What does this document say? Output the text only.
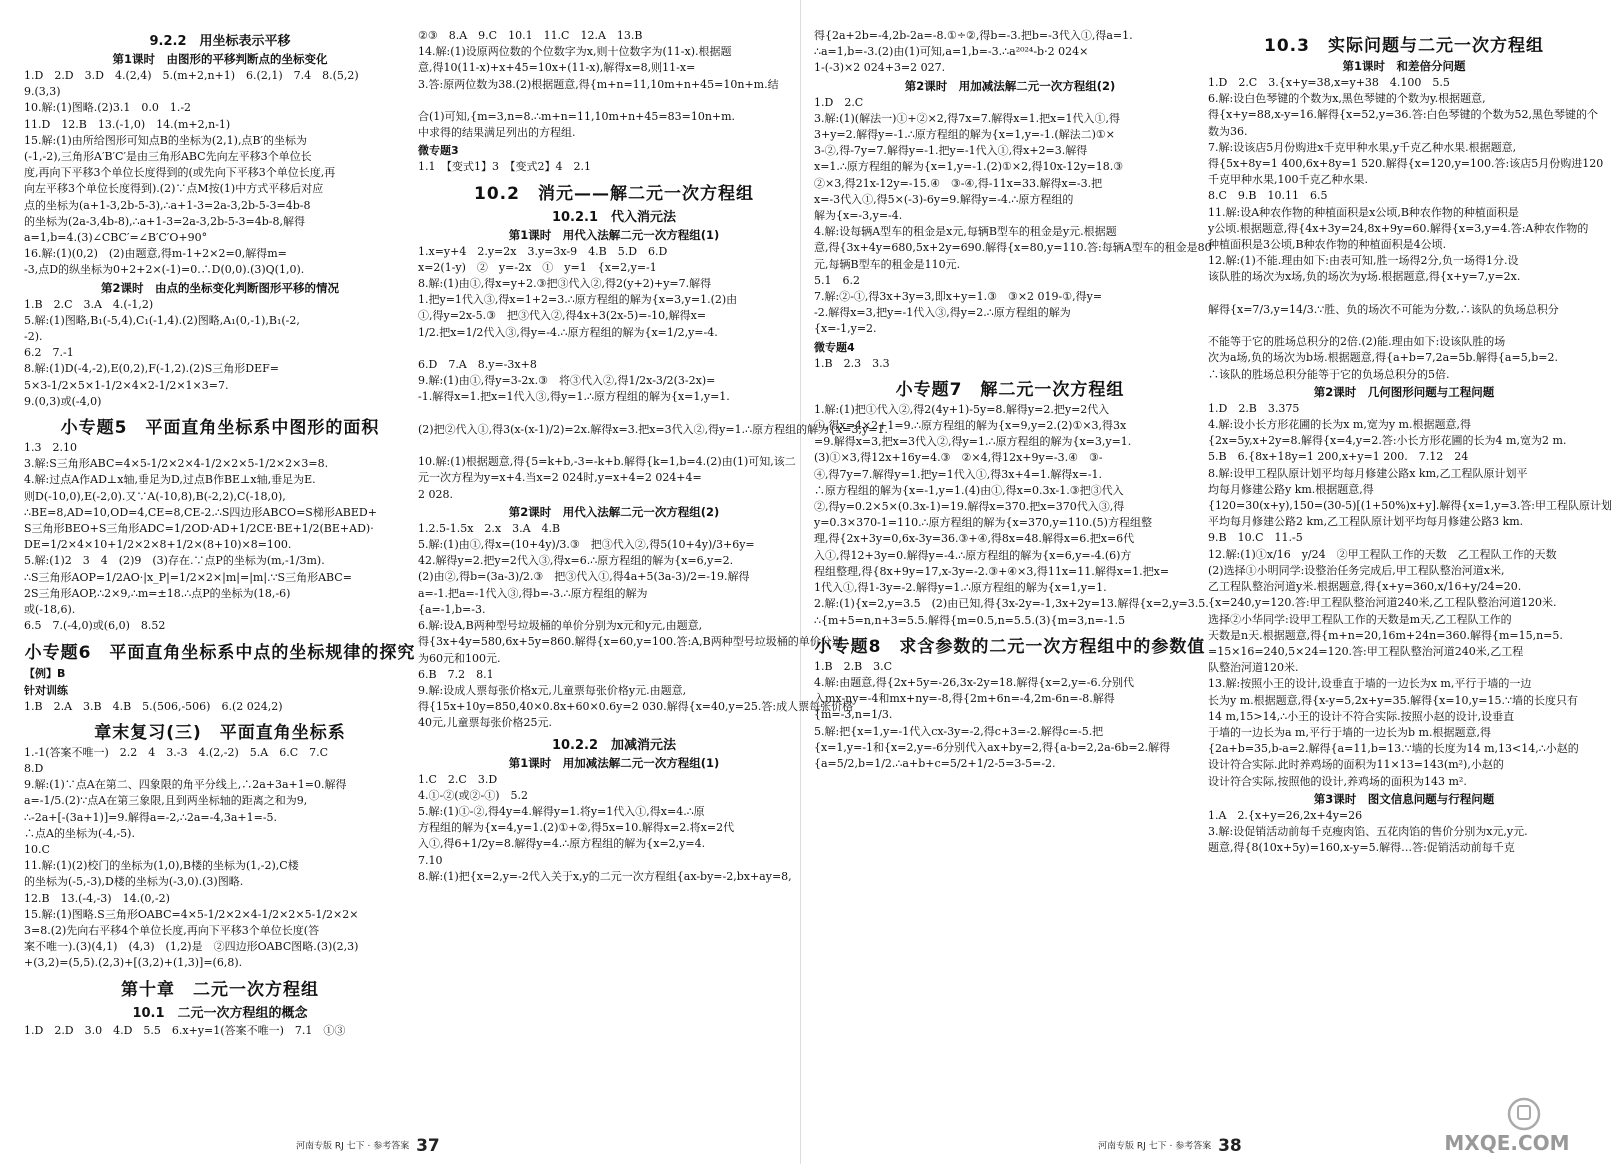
9.2.2　用坐标表示平移
第1课时　由图形的平移判断点的坐标变化
1.D　2.D　3.D　4.(2,4)　5.(m+2,n+1)　6.(2,1)　7.4　8.(5,2)
9.(3,3)
10.解:(1)图略.(2)3.1　0.0　1.-2
11.D　12.B　13.(-1,0)　14.(m+2,n-1)
15.解:(1)由所给图形可知点B的坐标为(2,1),点B′的坐标为
(-1,-2),三角形A′B′C′是由三角形ABC先向左平移3个单位长
度,再向下平移3个单位长度得到的(或先向下平移3个单位长度,再
向左平移3个单位长度得到).(2)∵点M按(1)中方式平移后对应
点的坐标为(a+1-3,2b-5-3),∴a+1-3=2a-3,2b-5-3=4b-8
的坐标为(2a-3,4b-8),∴a+1-3=2a-3,2b-5-3=4b-8,解得
a=1,b=4.(3)∠CBC′=∠B′C′O+90°
16.解:(1)(0,2)　(2)由题意,得m-1+2×2=0,解得m=
-3,点D的纵坐标为0+2+2×(-1)=0.∴D(0,0).(3)Q(1,0).
第2课时　由点的坐标变化判断图形平移的情况
1.B　2.C　3.A　4.(-1,2)
5.解:(1)图略,B₁(-5,4),C₁(-1,4).(2)图略,A₁(0,-1),B₁(-2,
-2).
6.2　7.-1
8.解:(1)D(-4,-2),E(0,2),F(-1,2).(2)S三角形DEF=
5×3-1/2×5×1-1/2×4×2-1/2×1×3=7.
9.(0,3)或(-4,0)
小专题5　平面直角坐标系中图形的面积
1.3　2.10
3.解:S三角形ABC=4×5-1/2×2×4-1/2×2×5-1/2×2×3=8.
4.解:过点A作AD⊥x轴,垂足为D,过点B作BE⊥x轴,垂足为E.
则D(-10,0),E(-2,0).又∵A(-10,8),B(-2,2),C(-18,0),
∴BE=8,AD=10,OD=4,CE=8,CE-2.∴S四边形ABCO=S梯形ABED+
S三角形BEO+S三角形ADC=1/2OD·AD+1/2CE·BE+1/2(BE+AD)·
DE=1/2×4×10+1/2×2×8+1/2×(8+10)×8=100.
5.解:(1)2　3　4　(2)9　(3)存在.∵点P的坐标为(m,-1/3m).
∴S三角形AOP=1/2AO·|x_P|=1/2×2×|m|=|m|.∵S三角形ABC=
2S三角形AOP,∴2×9,∴m=±18.∴点P的坐标为(18,-6)
或(-18,6).
6.5　7.(-4,0)或(6,0)　8.52
小专题6　平面直角坐标系中点的坐标规律的探究
【例】B
针对训练
1.B　2.A　3.B　4.B　5.(506,-506)　6.(2 024,2)
章末复习(三)　平面直角坐标系
1.-1(答案不唯一)　2.2　4　3.-3　4.(2,-2)　5.A　6.C　7.C
8.D
9.解:(1)∵点A在第二、四象限的角平分线上,∴2a+3a+1=0.解得
a=-1/5.(2)∵点A在第三象限,且到两坐标轴的距离之和为9,
∴-2a+[-(3a+1)]=9.解得a=-2,∴2a=-4,3a+1=-5.
∴点A的坐标为(-4,-5).
10.C
11.解:(1)(2)校门的坐标为(1,0),B楼的坐标为(1,-2),C楼
的坐标为(-5,-3),D楼的坐标为(-3,0).(3)图略.
12.B　13.(-4,-3)　14.(0,-2)
15.解:(1)图略.S三角形OABC=4×5-1/2×2×4-1/2×2×5-1/2×2×
3=8.(2)先向右平移4个单位长度,再向下平移3个单位长度(答
案不唯一).(3)(4,1)　(4,3)　(1,2)是　②四边形OABC图略.(3)(2,3)
+(3,2)=(5,5).(2,3)+[(3,2)+(1,3)]=(6,8).
第十章　二元一次方程组
10.1　二元一次方程组的概念
1.D　2.D　3.0　4.D　5.5　6.x+y=1(答案不唯一)　7.1　①③
②③　8.A　9.C　10.1　11.C　12.A　13.B
14.解:(1)设原两位数的个位数字为x,则十位数字为(11-x).根据题
意,得10(11-x)+x+45=10x+(11-x),解得x=8,则11-x=
3.答:原两位数为38.(2)根据题意,得{m+n=11,10m+n+45=10n+m.结

合(1)可知,{m=3,n=8.∴m+n=11,10m+n+45=83=10n+m.
中求得的结果满足列出的方程组.
微专题3
1.1　【变式1】3　【变式2】4　2.1
10.2　消元——解二元一次方程组
10.2.1　代入消元法
第1课时　用代入法解二元一次方程组(1)
1.x=y+4　2.y=2x　3.y=3x-9　4.B　5.D　6.D
x=2(1-y)　②　y=-2x　①　y=1　{x=2,y=-1
8.解:(1)由①,得x=y+2.③把③代入②,得2(y+2)+y=7.解得
1.把y=1代入③,得x=1+2=3.∴原方程组的解为{x=3,y=1.(2)由
①,得y=2x-5.③　把③代入②,得4x+3(2x-5)=-10,解得x=
1/2.把x=1/2代入③,得y=-4.∴原方程组的解为{x=1/2,y=-4.

6.D　7.A　8.y=-3x+8
9.解:(1)由①,得y=3-2x.③　将③代入②,得1/2x-3/2(3-2x)=
-1.解得x=1.把x=1代入③,得y=1.∴原方程组的解为{x=1,y=1.

(2)把②代入①,得3(x-(x-1)/2)=2x.解得x=3.把x=3代入②,得y=1.∴原方程组的解为{x=3,y=1.

10.解:(1)根据题意,得{5=k+b,-3=-k+b.解得{k=1,b=4.(2)由(1)可知,该二
元一次方程为y=x+4.当x=2 024时,y=x+4=2 024+4=
2 028.
第2课时　用代入法解二元一次方程组(2)
1.2.5-1.5x　2.x　3.A　4.B
5.解:(1)由①,得x=(10+4y)/3.③　把③代入②,得5(10+4y)/3+6y=
42.解得y=2.把y=2代入③,得x=6.∴原方程组的解为{x=6,y=2.
(2)由②,得b=(3a-3)/2.③　把③代入①,得4a+5(3a-3)/2=-19.解得
a=-1.把a=-1代入③,得b=-3.∴原方程组的解为
{a=-1,b=-3.
6.解:设A,B两种型号垃圾桶的单价分别为x元和y元,由题意,
得{3x+4y=580,6x+5y=860.解得{x=60,y=100.答:A,B两种型号垃圾桶的单价分别
为60元和100元.
6.B　7.2　8.1
9.解:设成人票每张价格x元,儿童票每张价格y元.由题意,
得{15x+10y=850,40×0.8x+60×0.6y=2 030.解得{x=40,y=25.答:成人票每张价格
40元,儿童票每张价格25元.
10.2.2　加减消元法
第1课时　用加减法解二元一次方程组(1)
1.C　2.C　3.D
4.①-②(或②-①)　5.2
5.解:(1)①-②,得4y=4.解得y=1.将y=1代入①,得x=4.∴原
方程组的解为{x=4,y=1.(2)①+②,得5x=10.解得x=2.将x=2代
入①,得6+1/2y=8.解得y=4.∴原方程组的解为{x=2,y=4.
7.10
8.解:(1)把{x=2,y=-2代入关于x,y的二元一次方程组{ax-by=-2,bx+ay=8,
河南专版 RJ 七下 · 参考答案 37
得{2a+2b=-4,2b-2a=-8.①÷②,得b=-3.把b=-3代入①,得a=1.
∴a=1,b=-3.(2)由(1)可知,a=1,b=-3.∴a²⁰²⁴-b·2 024×
1-(-3)×2 024+3=2 027.
第2课时　用加减法解二元一次方程组(2)
1.D　2.C
3.解:(1)(解法一)①+②×2,得7x=7.解得x=1.把x=1代入①,得
3+y=2.解得y=-1.∴原方程组的解为{x=1,y=-1.(解法二)①×
3-②,得-7y=7.解得y=-1.把y=-1代入①,得x+2=3.解得
x=1.∴原方程组的解为{x=1,y=-1.(2)①×2,得10x-12y=18.③
②×3,得21x-12y=-15.④　③-④,得-11x=33.解得x=-3.把
x=-3代入①,得5×(-3)-6y=9.解得y=-4.∴原方程组的
解为{x=-3,y=-4.
4.解:设每辆A型车的租金是x元,每辆B型车的租金是y元.根据题
意,得{3x+4y=680,5x+2y=690.解得{x=80,y=110.答:每辆A型车的租金是80
元,每辆B型车的租金是110元.
5.1　6.2
7.解:②-①,得3x+3y=3,即x+y=1.③　③×2 019-①,得y=
-2.解得x=3,把y=-1代入③,得y=2.∴原方程组的解为
{x=-1,y=2.
微专题4
1.B　2.3　3.3
小专题7　解二元一次方程组
1.解:(1)把①代入②,得2(4y+1)-5y=8.解得y=2.把y=2代入
①,得x=4×2+1=9.∴原方程组的解为{x=9,y=2.(2)①×3,得3x
=9.解得x=3,把x=3代入②,得y=1.∴原方程组的解为{x=3,y=1.
(3)①×3,得12x+16y=4.③　②×4,得12x+9y=-3.④　③-
④,得7y=7.解得y=1.把y=1代入①,得3x+4=1.解得x=-1.
∴原方程组的解为{x=-1,y=1.(4)由①,得x=0.3x-1.③把③代入
②,得y=0.2×5×(0.3x-1)=19.解得x=370.把x=370代入③,得
y=0.3×370-1=110.∴原方程组的解为{x=370,y=110.(5)方程组整
理,得{2x+3y=0,6x-3y=36.③+④,得8x=48.解得x=6.把x=6代
入①,得12+3y=0.解得y=-4.∴原方程组的解为{x=6,y=-4.(6)方
程组整理,得{8x+9y=17,x-3y=-2.③+④×3,得11x=11.解得x=1.把x=
1代入①,得1-3y=-2.解得y=1.∴原方程组的解为{x=1,y=1.
2.解:(1){x=2,y=3.5　(2)由已知,得{3x-2y=-1,3x+2y=13.解得{x=2,y=3.5.
∴{m+5=n,n+3=5.5.解得{m=0.5,n=5.5.(3){m=3,n=-1.5
小专题8　求含参数的二元一次方程组中的参数值
1.B　2.B　3.C
4.解:由题意,得{2x+5y=-26,3x-2y=18.解得{x=2,y=-6.分别代
入mx-ny=-4和mx+ny=-8,得{2m+6n=-4,2m-6n=-8.解得
{m=-3,n=1/3.
5.解:把{x=1,y=-1代入cx-3y=-2,得c+3=-2.解得c=-5.把
{x=1,y=-1和{x=2,y=-6分别代入ax+by=2,得{a-b=2,2a-6b=2.解得
{a=5/2,b=1/2.∴a+b+c=5/2+1/2-5=3-5=-2.
10.3　实际问题与二元一次方程组
第1课时　和差倍分问题
1.D　2.C　3.{x+y=38,x=y+38　4.100　5.5
6.解:设白色琴键的个数为x,黑色琴键的个数为y.根据题意,
得{x+y=88,x-y=16.解得{x=52,y=36.答:白色琴键的个数为52,黑色琴键的个
数为36.
7.解:设该店5月份购进x千克甲种水果,y千克乙种水果.根据题意,
得{5x+8y=1 400,6x+8y=1 520.解得{x=120,y=100.答:该店5月份购进120
千克甲种水果,100千克乙种水果.
8.C　9.B　10.11　6.5
11.解:设A种农作物的种植面积是x公顷,B种农作物的种植面积是
y公顷.根据题意,得{4x+3y=24,8x+9y=60.解得{x=3,y=4.答:A种农作物的
种植面积是3公顷,B种农作物的种植面积是4公顷.
12.解:(1)不能.理由如下:由表可知,胜一场得2分,负一场得1分.设
该队胜的场次为x场,负的场次为y场.根据题意,得{x+y=7,y=2x.

解得{x=7/3,y=14/3.∵胜、负的场次不可能为分数,∴该队的负场总积分

不能等于它的胜场总积分的2倍.(2)能.理由如下:设该队胜的场
次为a场,负的场次为b场.根据题意,得{a+b=7,2a=5b.解得{a=5,b=2.
∴该队的胜场总积分能等于它的负场总积分的5倍.
第2课时　几何图形问题与工程问题
1.D　2.B　3.375
4.解:设小长方形花圃的长为x m,宽为y m.根据题意,得
{2x=5y,x+2y=8.解得{x=4,y=2.答:小长方形花圃的长为4 m,宽为2 m.
5.B　6.{8x+18y=1 200,x+y=1 200.　7.12　24
8.解:设甲工程队原计划平均每月修建公路x km,乙工程队原计划平
均每月修建公路y km.根据题意,得
{120=30(x+y),150=(30-5)[(1+50%)x+y].解得{x=1,y=3.答:甲工程队原计划
平均每月修建公路2 km,乙工程队原计划平均每月修建公路3 km.
9.B　10.C　11.-5
12.解:(1)①x/16　y/24　②甲工程队工作的天数　乙工程队工作的天数
(2)选择①小明同学:设整治任务完成后,甲工程队整治河道x米,
乙工程队整治河道y米.根据题意,得{x+y=360,x/16+y/24=20.
{x=240,y=120.答:甲工程队整治河道240米,乙工程队整治河道120米.
选择②小华同学:设甲工程队工作的天数是m天,乙工程队工作的
天数是n天.根据题意,得{m+n=20,16m+24n=360.解得{m=15,n=5.
=15×16=240,5×24=120.答:甲工程队整治河道240米,乙工程
队整治河道120米.
13.解:按照小王的设计,设垂直于墙的一边长为x m,平行于墙的一边
长为y m.根据题意,得{x-y=5,2x+y=35.解得{x=10,y=15.∵墙的长度只有
14 m,15>14,∴小王的设计不符合实际.按照小赵的设计,设垂直
于墙的一边长为a m,平行于墙的一边长为b m.根据题意,得
{2a+b=35,b-a=2.解得{a=11,b=13.∵墙的长度为14 m,13<14,∴小赵的
设计符合实际.此时养鸡场的面积为11×13=143(m²),小赵的
设计符合实际,按照他的设计,养鸡场的面积为143 m².
第3课时　图文信息问题与行程问题
1.A　2.{x+y=26,2x+4y=26
3.解:设促销活动前每千克瘦肉馅、五花肉馅的售价分别为x元,y元.
题意,得{8(10x+5y)=160,x-y=5.解得…答:促销活动前每千克
河南专版 RJ 七下 · 参考答案 38	MXQE.COM
